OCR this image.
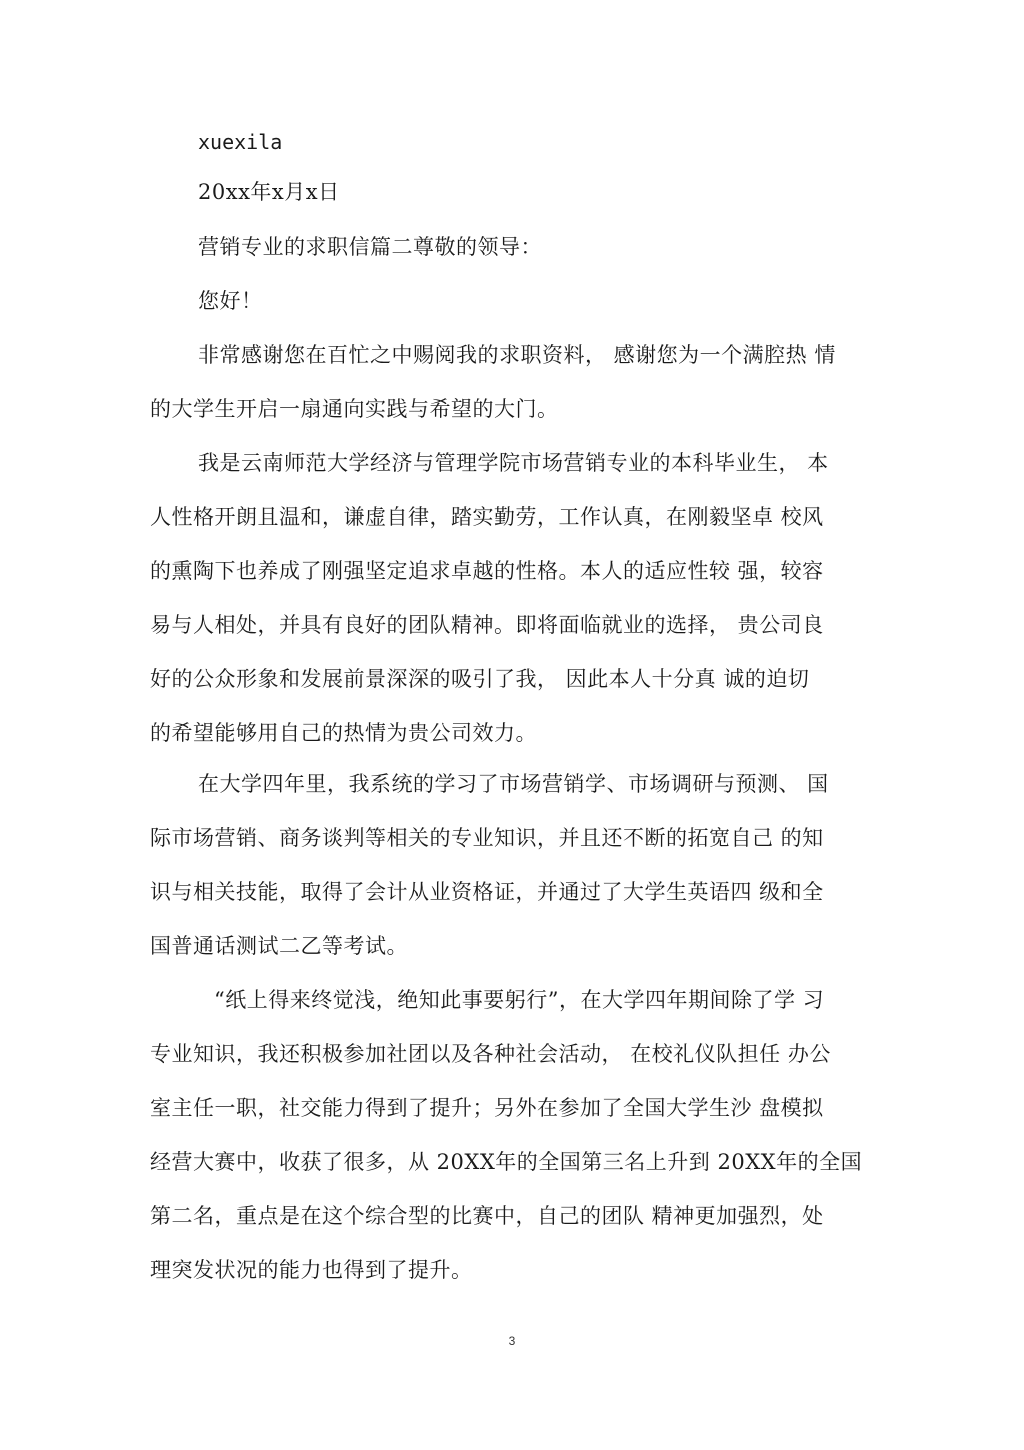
xuexila
20xx年x月x日
营销专业的求职信篇二尊敬的领导：
您好！
非常感谢您在百忙之中赐阅我的求职资料， 感谢您为一个满腔热 情
的大学生开启一扇通向实践与希望的大门。
我是云南师范大学经济与管理学院市场营销专业的本科毕业生， 本
人性格开朗且温和，谦虚自律，踏实勤劳，工作认真，在刚毅坚卓 校风
的熏陶下也养成了刚强坚定追求卓越的性格。本人的适应性较 强，较容
易与人相处，并具有良好的团队精神。即将面临就业的选择， 贵公司良
好的公众形象和发展前景深深的吸引了我， 因此本人十分真 诚的迫切
的希望能够用自己的热情为贵公司效力。
在大学四年里，我系统的学习了市场营销学、市场调研与预测、 国
际市场营销、商务谈判等相关的专业知识，并且还不断的拓宽自己 的知
识与相关技能，取得了会计从业资格证，并通过了大学生英语四 级和全
国普通话测试二乙等考试。
“纸上得来终觉浅，绝知此事要躬行”，在大学四年期间除了学 习
专业知识，我还积极参加社团以及各种社会活动， 在校礼仪队担任 办公
室主任一职，社交能力得到了提升；另外在参加了全国大学生沙 盘模拟
经营大赛中，收获了很多，从 20XX年的全国第三名上升到 20XX年的全国
第二名，重点是在这个综合型的比赛中，自己的团队 精神更加强烈，处
理突发状况的能力也得到了提升。
3
